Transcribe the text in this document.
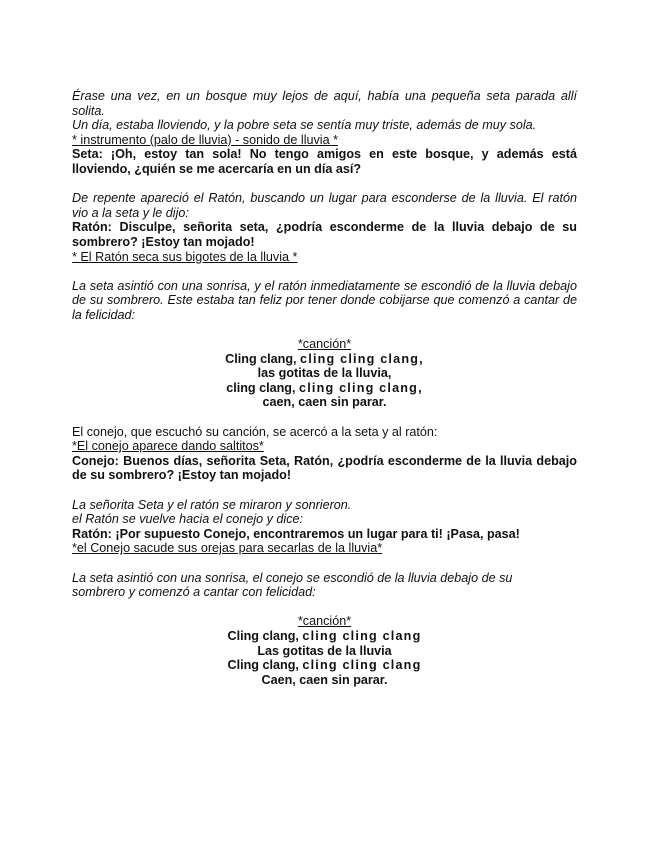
Érase una vez, en un bosque muy lejos de aquí, había una pequeña seta parada allí solita.

Un día, estaba lloviendo, y la pobre seta se sentía muy triste, además de muy sola.

* instrumento (palo de lluvia) - sonido de lluvia *

Seta: ¡Oh, estoy tan sola! No tengo amigos en este bosque, y además está lloviendo, ¿quién se me acercaría en un día así?

De repente apareció el Ratón, buscando un lugar para esconderse de la lluvia. El ratón vio a la seta y le dijo:

Ratón: Disculpe, señorita seta, ¿podría esconderme de la lluvia debajo de su sombrero? ¡Estoy tan mojado!

* El Ratón seca sus bigotes de la lluvia *

La seta asintió con una sonrisa, y el ratón inmediatamente se escondió de la lluvia debajo de su sombrero. Este estaba tan feliz por tener donde cobijarse que comenzó a cantar de la felicidad:

*canción*

Cling clang, cling cling clang,

las gotitas de la lluvia,

cling clang, cling cling clang,

caen, caen sin parar.

El conejo, que escuchó su canción, se acercó a la seta y al ratón:

*El conejo aparece dando saltitos*

Conejo: Buenos días, señorita Seta, Ratón, ¿podría esconderme de la lluvia debajo de su sombrero? ¡Estoy tan mojado!

La señorita Seta y el ratón se miraron y sonrieron.

el Ratón se vuelve hacia el conejo y dice:

Ratón: ¡Por supuesto Conejo, encontraremos un lugar para ti! ¡Pasa, pasa!

*el Conejo sacude sus orejas para secarlas de la lluvia*

La seta asintió con una sonrisa, el conejo se escondió de la lluvia debajo de su sombrero y comenzó a cantar con felicidad:

*canción*

Cling clang, cling cling clang

Las gotitas de la lluvia

Cling clang, cling cling clang

Caen, caen sin parar.
